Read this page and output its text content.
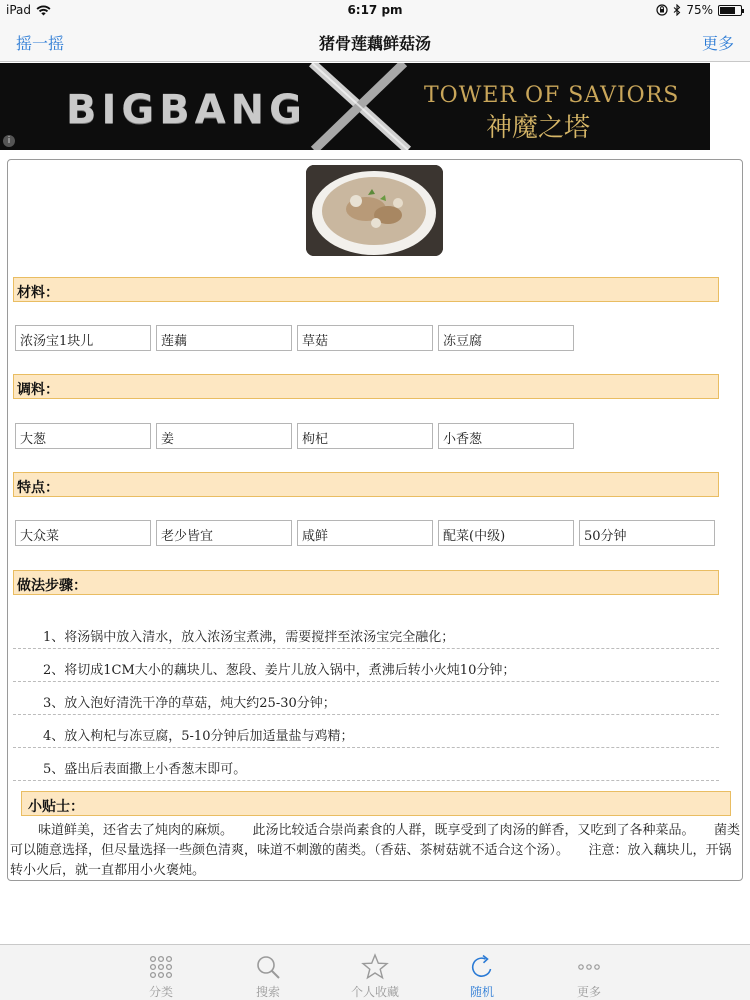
iPad	6:17 pm	75%
摇一摇	猪骨莲藕鲜菇汤	更多
BIGBANG	TOWER OF SAVIORS
神魔之塔
i
材料：
浓汤宝1块儿	莲藕	草菇	冻豆腐
调料：
大葱	姜	枸杞	小香葱
特点：
大众菜	老少皆宜	咸鲜	配菜(中级)	50分钟
做法步骤：
1、将汤锅中放入清水，放入浓汤宝煮沸，需要搅拌至浓汤宝完全融化；
2、将切成1CM大小的藕块儿、葱段、姜片儿放入锅中，煮沸后转小火炖10分钟；
3、放入泡好清洗干净的草菇，炖大约25-30分钟；
4、放入枸杞与冻豆腐，5-10分钟后加适量盐与鸡精；
5、盛出后表面撒上小香葱末即可。
小贴士：
味道鲜美，还省去了炖肉的麻烦。　　此汤比较适合崇尚素食的人群，既享受到了肉汤的鲜香，又吃到了各种菜品。　　菌类可以随意选择，但尽量选择一些颜色清爽，味道不刺激的菌类。（香菇、茶树菇就不适合这个汤）。　　注意：放入藕块儿，开锅转小火后，就一直都用小火褒炖。
分类	搜索	个人收藏	随机	更多
